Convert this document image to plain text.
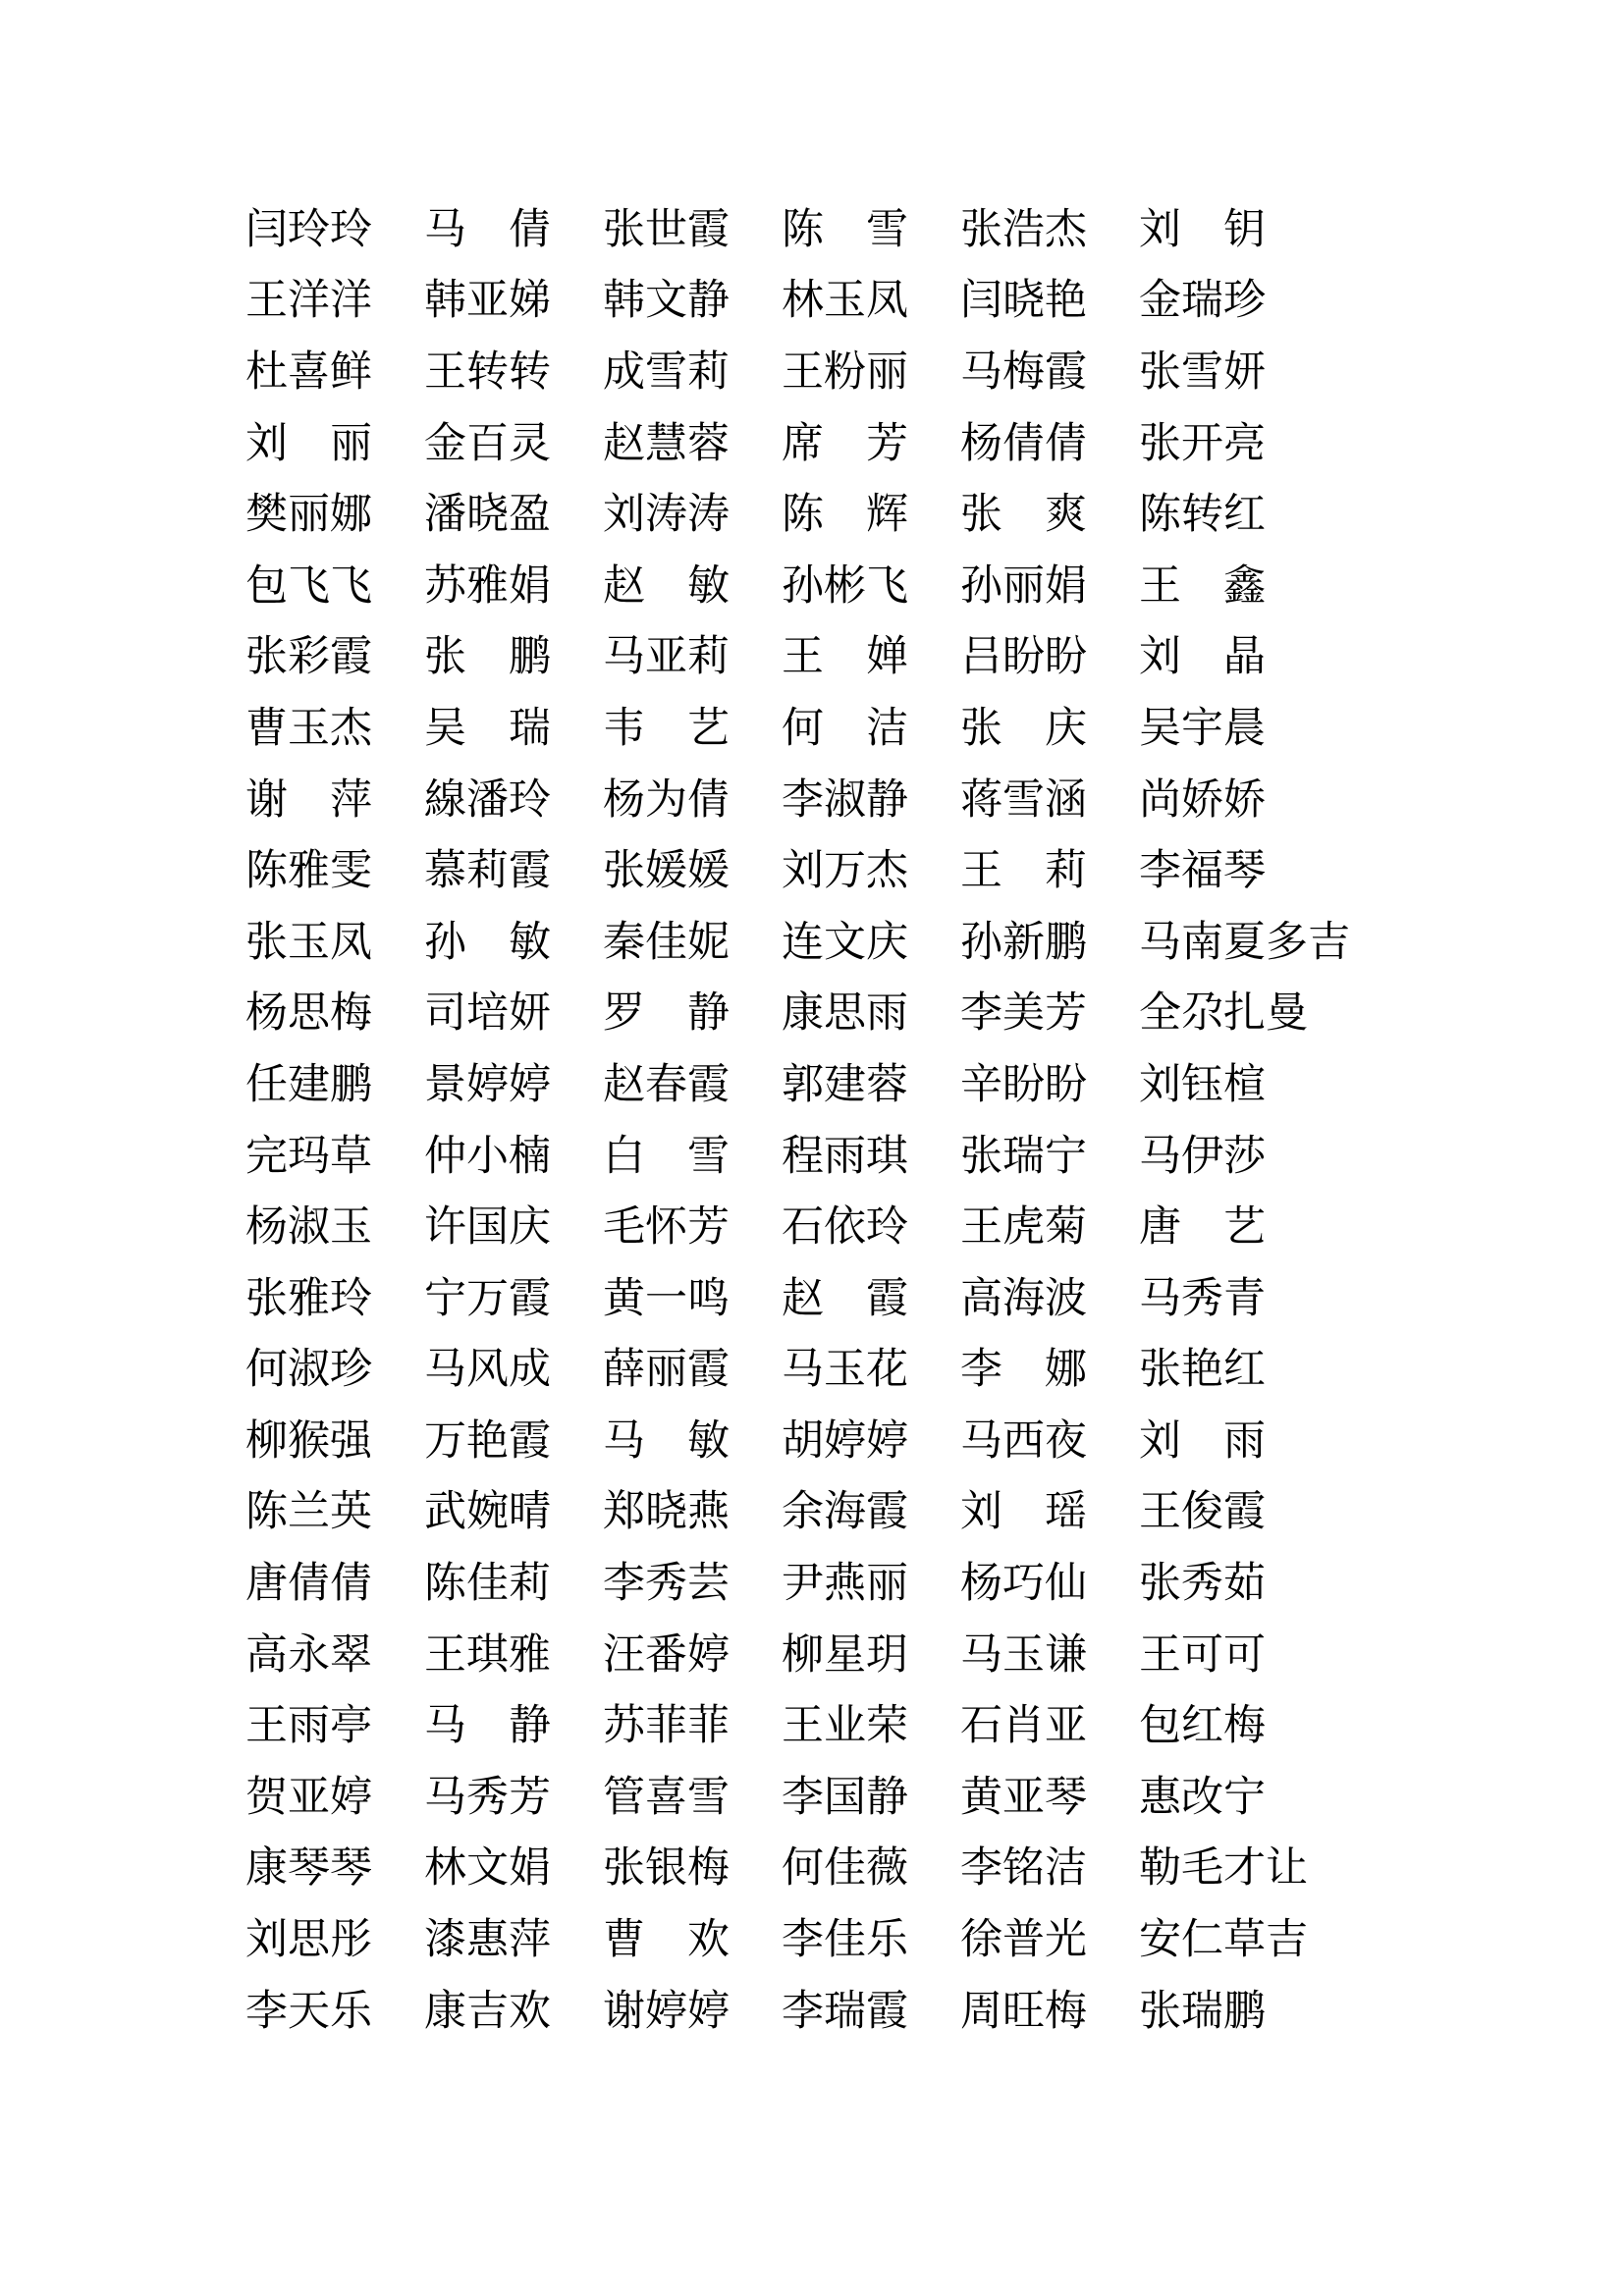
闫玲玲	马　倩	张世霞	陈　雪	张浩杰	刘　钥
王洋洋	韩亚娣	韩文静	林玉凤	闫晓艳	金瑞珍
杜喜鲜	王转转	成雪莉	王粉丽	马梅霞	张雪妍
刘　丽	金百灵	赵慧蓉	席　芳	杨倩倩	张开亮
樊丽娜	潘晓盈	刘涛涛	陈　辉	张　爽	陈转红
包飞飞	苏雅娟	赵　敏	孙彬飞	孙丽娟	王　鑫
张彩霞	张　鹏	马亚莉	王　婵	吕盼盼	刘　晶
曹玉杰	吴　瑞	韦　艺	何　洁	张　庆	吴宇晨
谢　萍	線潘玲	杨为倩	李淑静	蒋雪涵	尚娇娇
陈雅雯	慕莉霞	张媛媛	刘万杰	王　莉	李福琴
张玉凤	孙　敏	秦佳妮	连文庆	孙新鹏	马南夏多吉
杨思梅	司培妍	罗　静	康思雨	李美芳	全尕扎曼
任建鹏	景婷婷	赵春霞	郭建蓉	辛盼盼	刘钰楦
完玛草	仲小楠	白　雪	程雨琪	张瑞宁	马伊莎
杨淑玉	许国庆	毛怀芳	石依玲	王虎菊	唐　艺
张雅玲	宁万霞	黄一鸣	赵　霞	高海波	马秀青
何淑珍	马风成	薛丽霞	马玉花	李　娜	张艳红
柳猴强	万艳霞	马　敏	胡婷婷	马西夜	刘　雨
陈兰英	武婉晴	郑晓燕	余海霞	刘　瑶	王俊霞
唐倩倩	陈佳莉	李秀芸	尹燕丽	杨巧仙	张秀茹
高永翠	王琪雅	汪番婷	柳星玥	马玉谦	王可可
王雨亭	马　静	苏菲菲	王业荣	石肖亚	包红梅
贺亚婷	马秀芳	管喜雪	李国静	黄亚琴	惠改宁
康琴琴	林文娟	张银梅	何佳薇	李铭洁	勒毛才让
刘思彤	漆惠萍	曹　欢	李佳乐	徐普光	安仁草吉
李天乐	康吉欢	谢婷婷	李瑞霞	周旺梅	张瑞鹏
